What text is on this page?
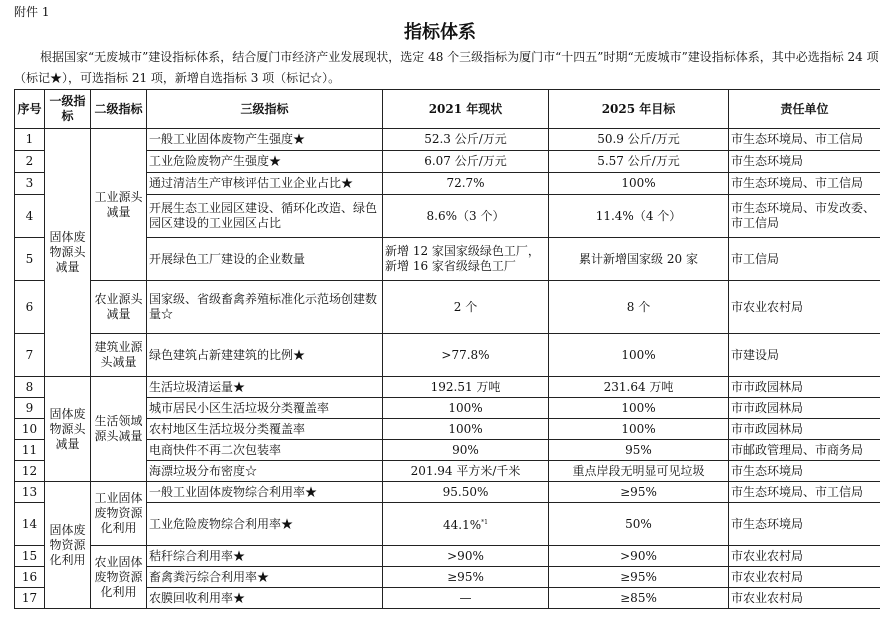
附件 1
指标体系
根据国家“无废城市”建设指标体系，结合厦门市经济产业发展现状，选定 48 个三级指标为厦门市“十四五”时期“无废城市”建设指标体系，其中必选指标 24 项（标记★），可选指标 21 项，新增自选指标 3 项（标记☆）。
序号	一级指标	二级指标	三级指标	2021 年现状	2025 年目标	责任单位
1	固体废物源头减量	工业源头减量	一般工业固体废物产生强度★	52.3 公斤/万元	50.9 公斤/万元	市生态环境局、市工信局
2			工业危险废物产生强度★	6.07 公斤/万元	5.57 公斤/万元	市生态环境局
3			通过清洁生产审核评估工业企业占比★	72.7%	100%	市生态环境局、市工信局
4			开展生态工业园区建设、循环化改造、绿色园区建设的工业园区占比	8.6%（3 个）	11.4%（4 个）	市生态环境局、市发改委、市工信局
5			开展绿色工厂建设的企业数量	新增 12 家国家级绿色工厂，新增 16 家省级绿色工厂	累计新增国家级 20 家	市工信局
6		农业源头减量	国家级、省级畜禽养殖标准化示范场创建数量☆	2 个	8 个	市农业农村局
7		建筑业源头减量	绿色建筑占新建建筑的比例★	>77.8%	100%	市建设局
8	固体废物源头减量	生活领域源头减量	生活垃圾清运量★	192.51 万吨	231.64 万吨	市市政园林局
9			城市居民小区生活垃圾分类覆盖率	100%	100%	市市政园林局
10			农村地区生活垃圾分类覆盖率	100%	100%	市市政园林局
11			电商快件不再二次包装率	90%	95%	市邮政管理局、市商务局
12			海漂垃圾分布密度☆	201.94 平方米/千米	重点岸段无明显可见垃圾	市生态环境局
13	固体废物资源化利用	工业固体废物资源化利用	一般工业固体废物综合利用率★	95.50%	≥95%	市生态环境局、市工信局
14			工业危险废物综合利用率★	44.1%$^{*1}$	50%	市生态环境局
15		农业固体废物资源化利用	秸秆综合利用率★	>90%	>90%	市农业农村局
16			畜禽粪污综合利用率★	≥95%	≥95%	市农业农村局
17			农膜回收利用率★	—	≥85%	市农业农村局
